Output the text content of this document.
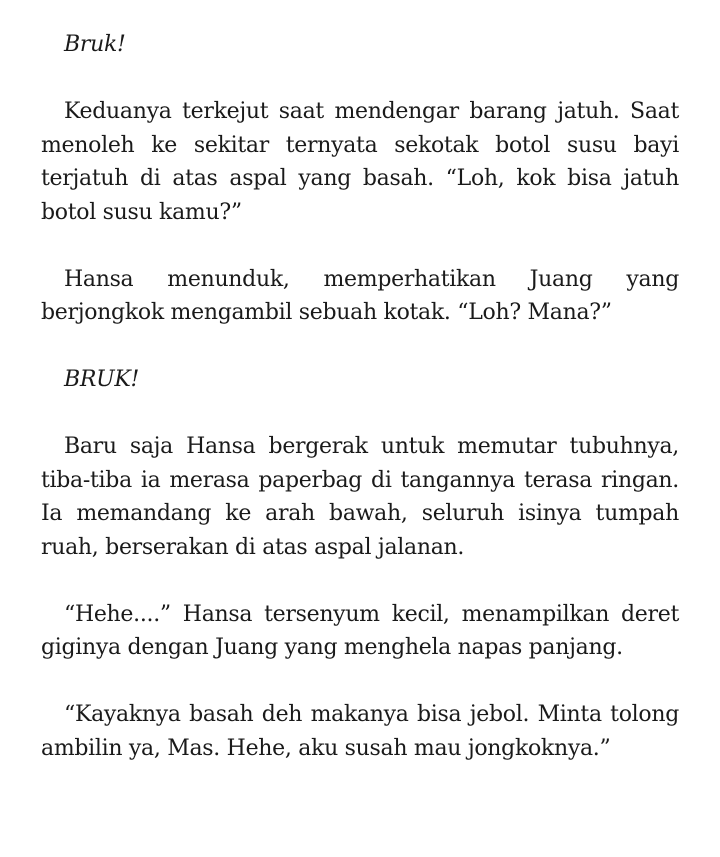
Bruk!

Keduanya terkejut saat mendengar barang jatuh. Saat menoleh ke sekitar ternyata sekotak botol susu bayi terjatuh di atas aspal yang basah. “Loh, kok bisa jatuh botol susu kamu?”

Hansa menunduk, memperhatikan Juang yang berjongkok mengambil sebuah kotak. “Loh? Mana?”

BRUK!

Baru saja Hansa bergerak untuk memutar tubuhnya, tiba-tiba ia merasa paperbag di tangannya terasa ringan. Ia memandang ke arah bawah, seluruh isinya tumpah ruah, berserakan di atas aspal jalanan.

“Hehe....” Hansa tersenyum kecil, menampilkan deret giginya dengan Juang yang menghela napas panjang.

“Kayaknya basah deh makanya bisa jebol. Minta tolong ambilin ya, Mas. Hehe, aku susah mau jongkoknya.”
